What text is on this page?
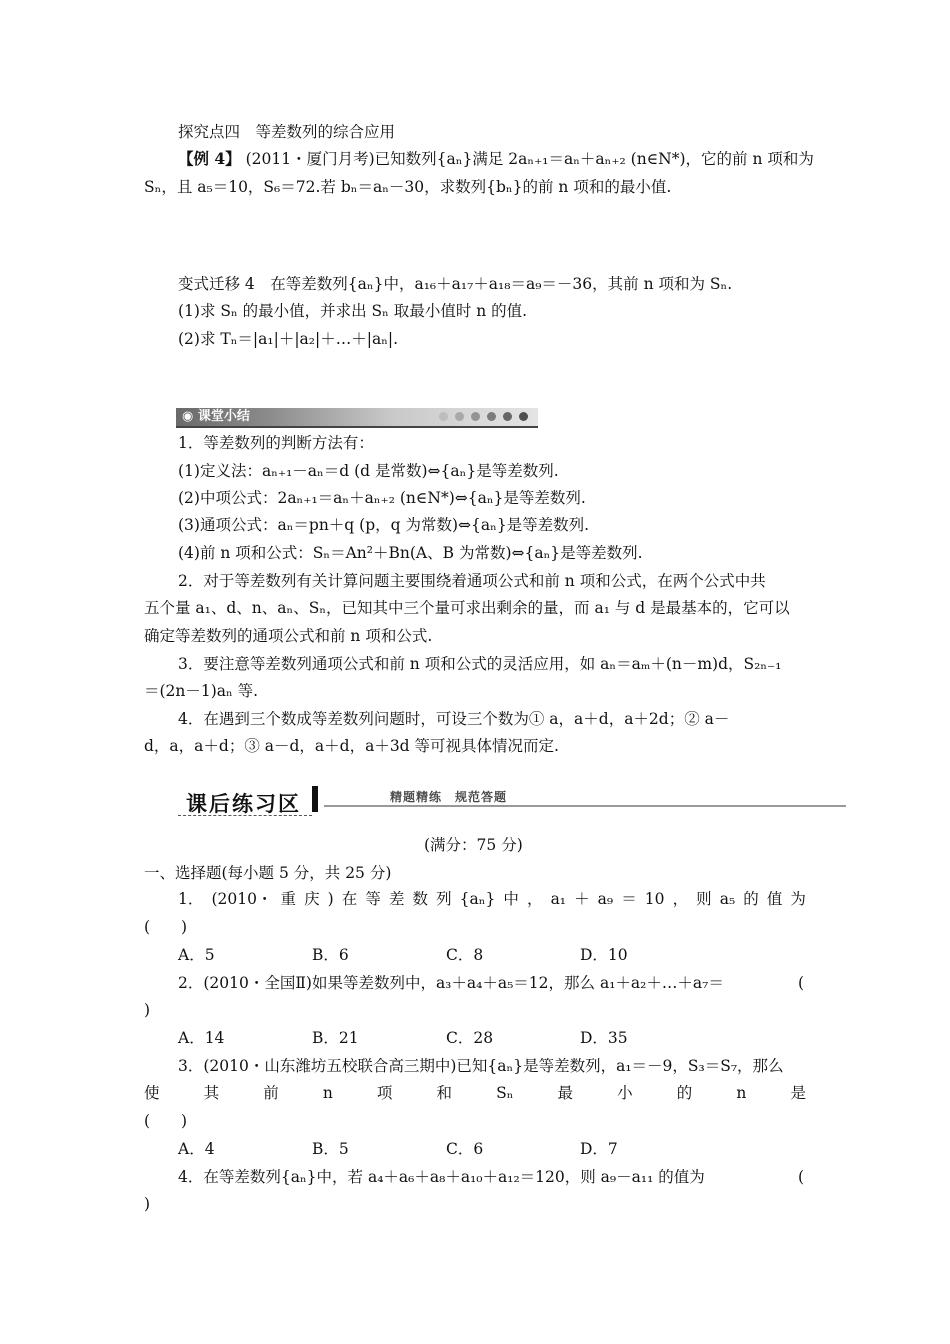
探究点四　等差数列的综合应用
【例 4】 (2011・厦门月考)已知数列{aₙ}满足 2aₙ₊₁＝aₙ＋aₙ₊₂ (n∈N*)，它的前 n 项和为
Sₙ，且 a₅＝10，S₆＝72.若 bₙ＝aₙ－30，求数列{bₙ}的前 n 项和的最小值.
变式迁移 4　在等差数列{aₙ}中，a₁₆＋a₁₇＋a₁₈＝a₉＝－36，其前 n 项和为 Sₙ.
(1)求 Sₙ 的最小值，并求出 Sₙ 取最小值时 n 的值.
(2)求 Tₙ＝|a₁|＋|a₂|＋…＋|aₙ|.
◉ 课堂小结
1．等差数列的判断方法有：
(1)定义法：aₙ₊₁－aₙ＝d (d 是常数)⇔{aₙ}是等差数列.
(2)中项公式：2aₙ₊₁＝aₙ＋aₙ₊₂ (n∈N*)⇔{aₙ}是等差数列.
(3)通项公式：aₙ＝pn＋q (p，q 为常数)⇔{aₙ}是等差数列.
(4)前 n 项和公式：Sₙ＝An²＋Bn(A、B 为常数)⇔{aₙ}是等差数列.
2．对于等差数列有关计算问题主要围绕着通项公式和前 n 项和公式，在两个公式中共
五个量 a₁、d、n、aₙ、Sₙ，已知其中三个量可求出剩余的量，而 a₁ 与 d 是最基本的，它可以
确定等差数列的通项公式和前 n 项和公式.
3．要注意等差数列通项公式和前 n 项和公式的灵活应用，如 aₙ＝aₘ＋(n－m)d，S₂ₙ₋₁
＝(2n－1)aₙ 等.
4．在遇到三个数成等差数列问题时，可设三个数为① a，a＋d，a＋2d；② a－
d，a，a＋d；③ a－d，a＋d，a＋3d 等可视具体情况而定.
课后练习区	精题精练　规范答题
(满分：75 分)
一、选择题(每小题 5 分，共 25 分)
1． (2010・ 重 庆 ) 在 等 差 数 列 {aₙ} 中 ， a₁ ＋ a₉ ＝ 10 ， 则 a₅ 的 值 为
(　　)
A．5	B．6	C．8	D．10
2．(2010・全国Ⅱ)如果等差数列中，a₃＋a₄＋a₅＝12，那么 a₁＋a₂＋…＋a₇＝	(
)
A．14	B．21	C．28	D．35
3．(2010・山东潍坊五校联合高三期中)已知{aₙ}是等差数列，a₁＝－9，S₃＝S₇，那么
使	其	前	n	项	和	Sₙ	最	小	的	n	是
(　　)
A．4	B．5	C．6	D．7
4．在等差数列{aₙ}中，若 a₄＋a₆＋a₈＋a₁₀＋a₁₂＝120，则 a₉－a₁₁ 的值为	(
)
